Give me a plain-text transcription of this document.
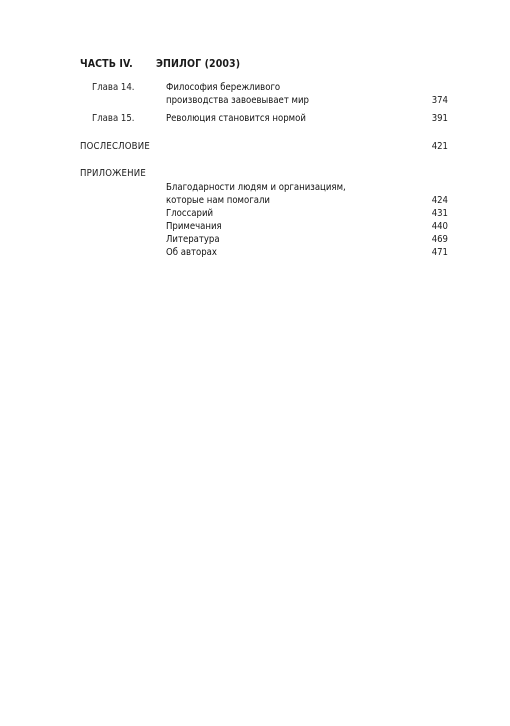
ЧАСТЬ IV. ЭПИЛОГ (2003)
Глава 14.	Философия бережливого
производства завоевывает мир	374
Глава 15.	Революция становится нормой	391
ПОСЛЕСЛОВИЕ	421
ПРИЛОЖЕНИЕ
Благодарности людям и организациям,
которые нам помогали	424
Глоссарий	431
Примечания	440
Литература	469
Об авторах	471
